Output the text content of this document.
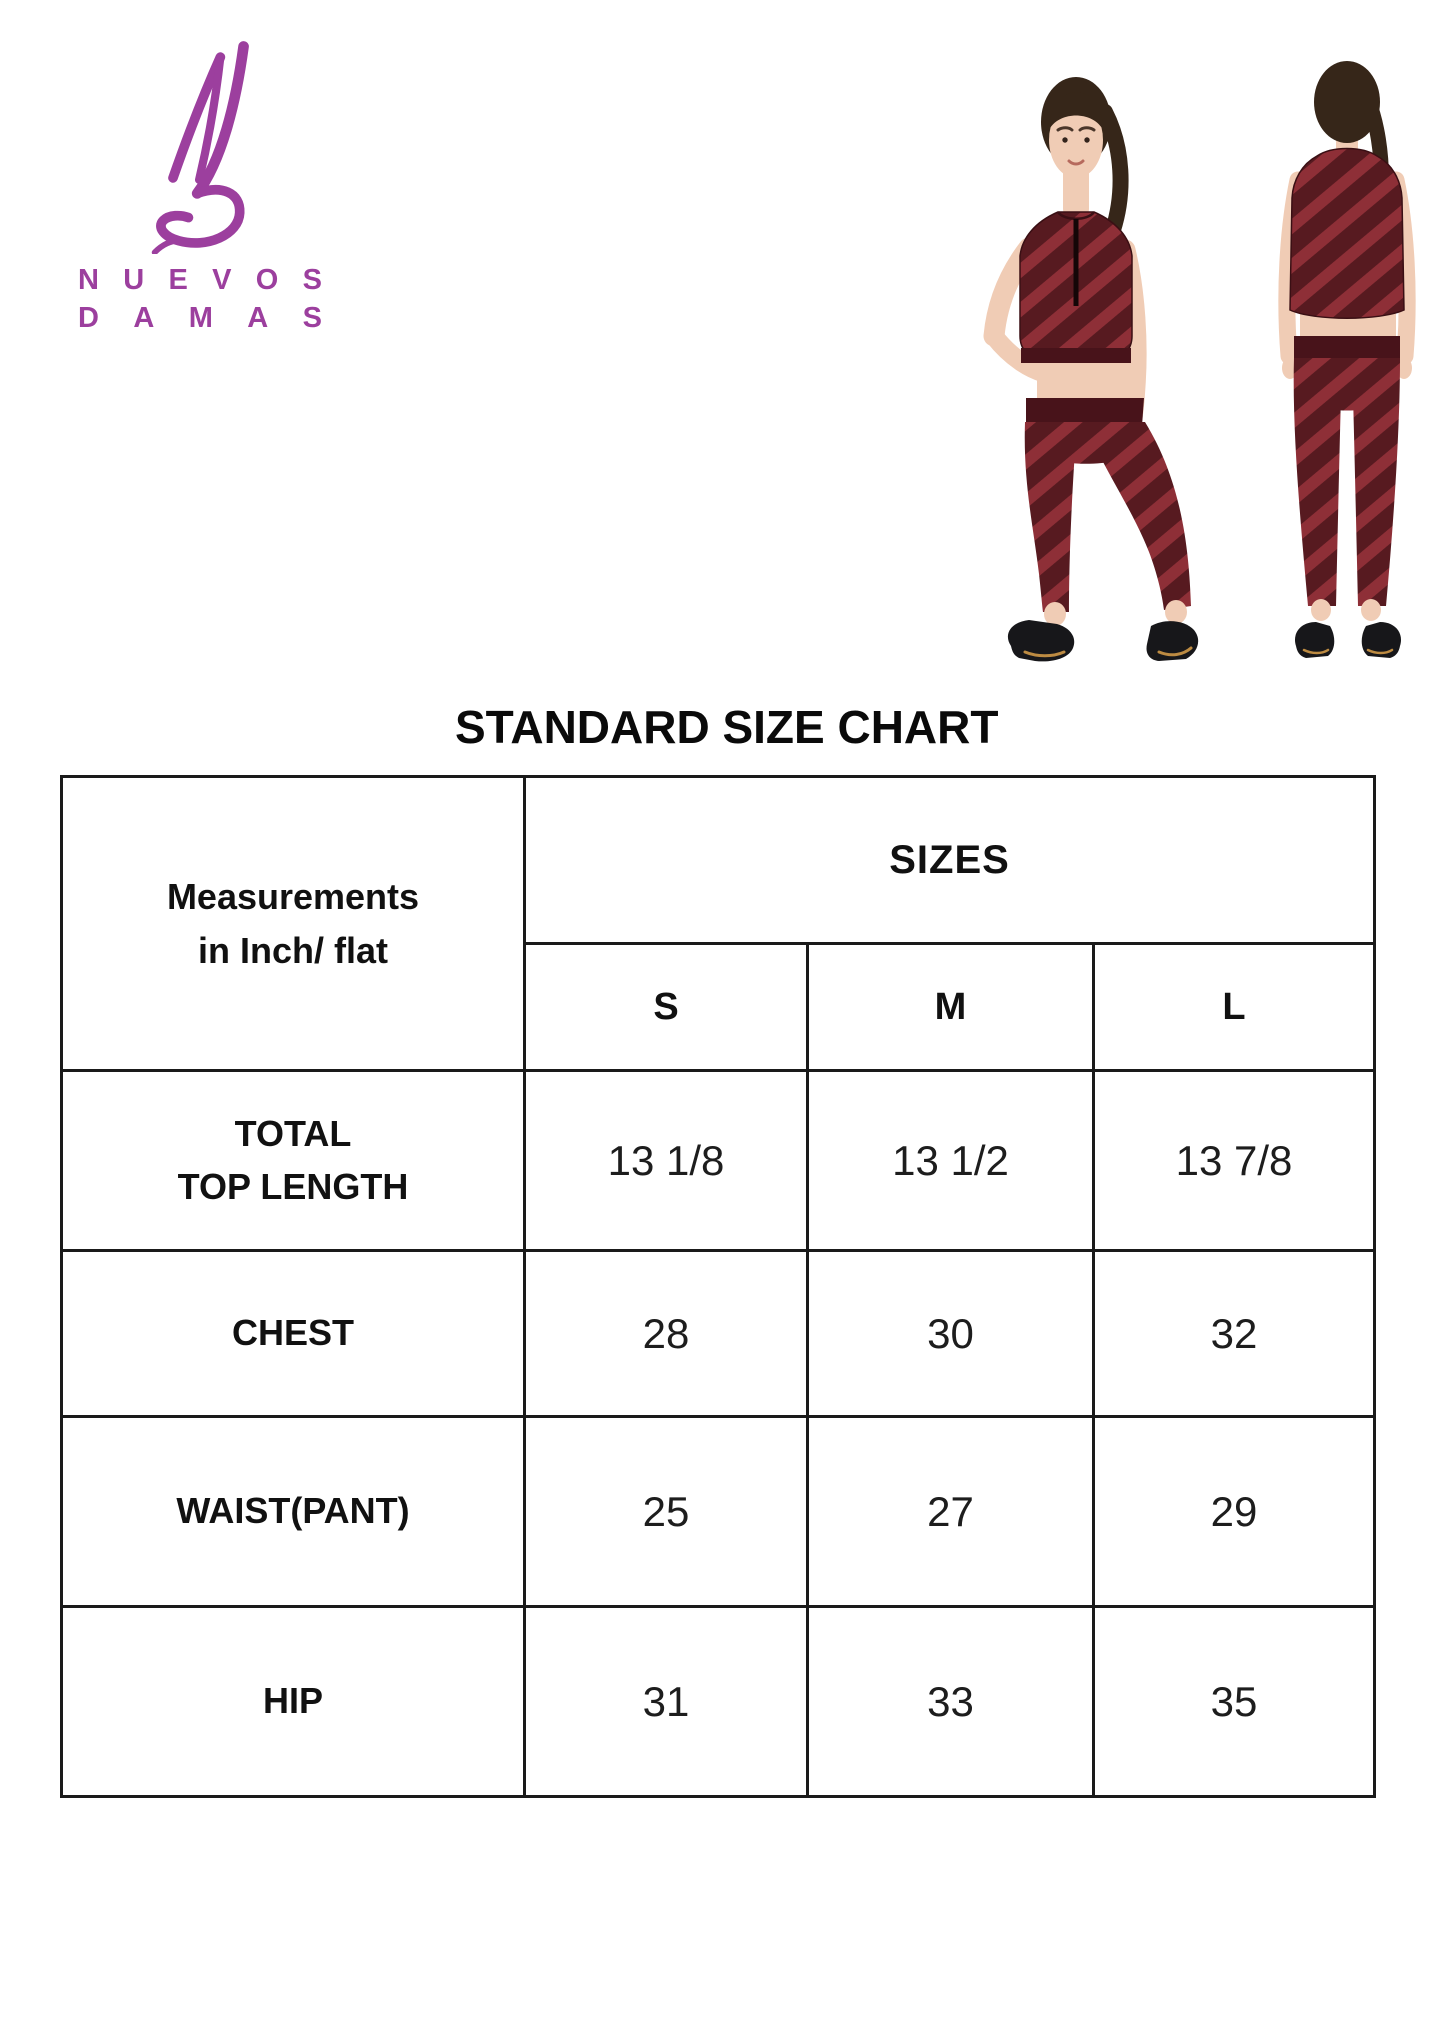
N U E V O S
D A M A S
STANDARD SIZE CHART
Measurements
in Inch/ flat	SIZES		
	S	M	L

TOTAL
TOP LENGTH	13 1/8	13 1/2	13 7/8

CHEST	28	30	32

WAIST(PANT)	25	27	29

HIP	31	33	35
